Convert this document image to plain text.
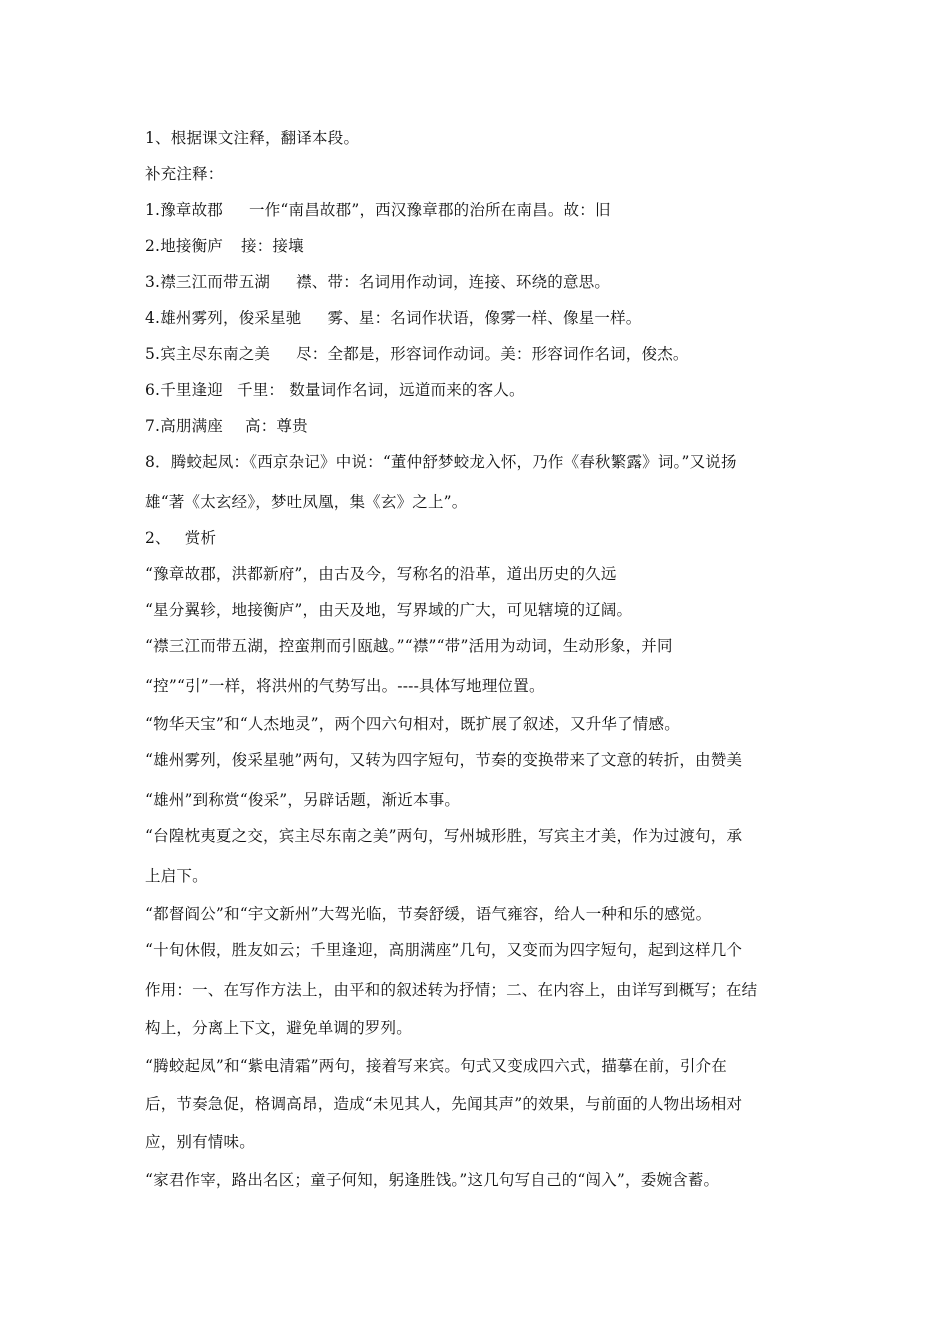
1、根据课文注释，翻译本段。

补充注释：

1.豫章故郡 一作“南昌故郡”，西汉豫章郡的治所在南昌。故：旧

2.地接衡庐 接：接壤

3.襟三江而带五湖 襟、带：名词用作动词，连接、环绕的意思。

4.雄州雾列，俊采星驰 雾、星：名词作状语，像雾一样、像星一样。

5.宾主尽东南之美 尽：全都是，形容词作动词。美：形容词作名词，俊杰。

6.千里逢迎 千里： 数量词作名词，远道而来的客人。

7.高朋满座 高：尊贵

8．腾蛟起凤：《西京杂记》中说：“董仲舒梦蛟龙入怀，乃作《春秋繁露》词。”又说扬

雄“著《太玄经》，梦吐凤凰，集《玄》之上”。

2、 赏析

“豫章故郡，洪都新府”，由古及今，写称名的沿革，道出历史的久远

“星分翼轸，地接衡庐”，由天及地，写界域的广大，可见辖境的辽阔。

“襟三江而带五湖，控蛮荆而引瓯越。”“襟”“带”活用为动词，生动形象，并同

“控”“引”一样，将洪州的气势写出。----具体写地理位置。

“物华天宝”和“人杰地灵”，两个四六句相对，既扩展了叙述，又升华了情感。

“雄州雾列，俊采星驰”两句，又转为四字短句，节奏的变换带来了文意的转折，由赞美

“雄州”到称赏“俊采”，另辟话题，渐近本事。

“台隍枕夷夏之交，宾主尽东南之美”两句，写州城形胜，写宾主才美，作为过渡句，承

上启下。

“都督阎公”和“宇文新州”大驾光临，节奏舒缓，语气雍容，给人一种和乐的感觉。

“十旬休假，胜友如云；千里逢迎，高朋满座”几句，又变而为四字短句，起到这样几个

作用：一、在写作方法上，由平和的叙述转为抒情；二、在内容上，由详写到概写；在结

构上，分离上下文，避免单调的罗列。

“腾蛟起凤”和“紫电清霜”两句，接着写来宾。句式又变成四六式，描摹在前，引介在

后，节奏急促，格调高昂，造成“未见其人，先闻其声”的效果，与前面的人物出场相对

应，别有情味。

“家君作宰，路出名区；童子何知，躬逢胜饯。”这几句写自己的“闯入”，委婉含蓄。
